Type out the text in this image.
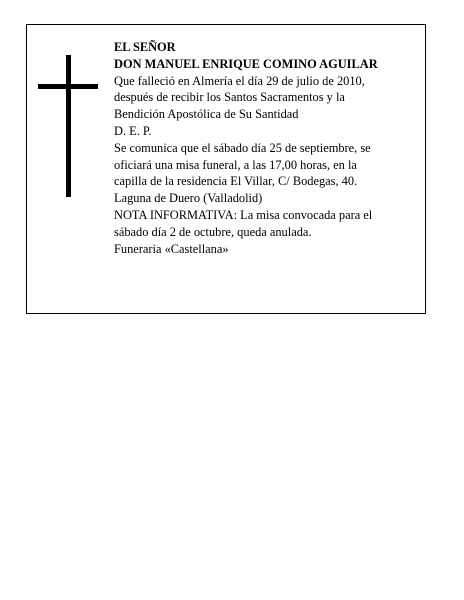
EL SEÑOR
DON MANUEL ENRIQUE COMINO AGUILAR
Que falleció en Almería el día 29 de julio de 2010,
después de recibir los Santos Sacramentos y la
Bendición Apostólica de Su Santidad
D. E. P.
Se comunica que el sábado día 25 de septiembre, se
oficiará una misa funeral, a las 17,00 horas, en la
capilla de la residencia El Villar, C/ Bodegas, 40.
Laguna de Duero (Valladolid)
NOTA INFORMATIVA: La misa convocada para el
sábado día 2 de octubre, queda anulada.
Funeraria «Castellana»
